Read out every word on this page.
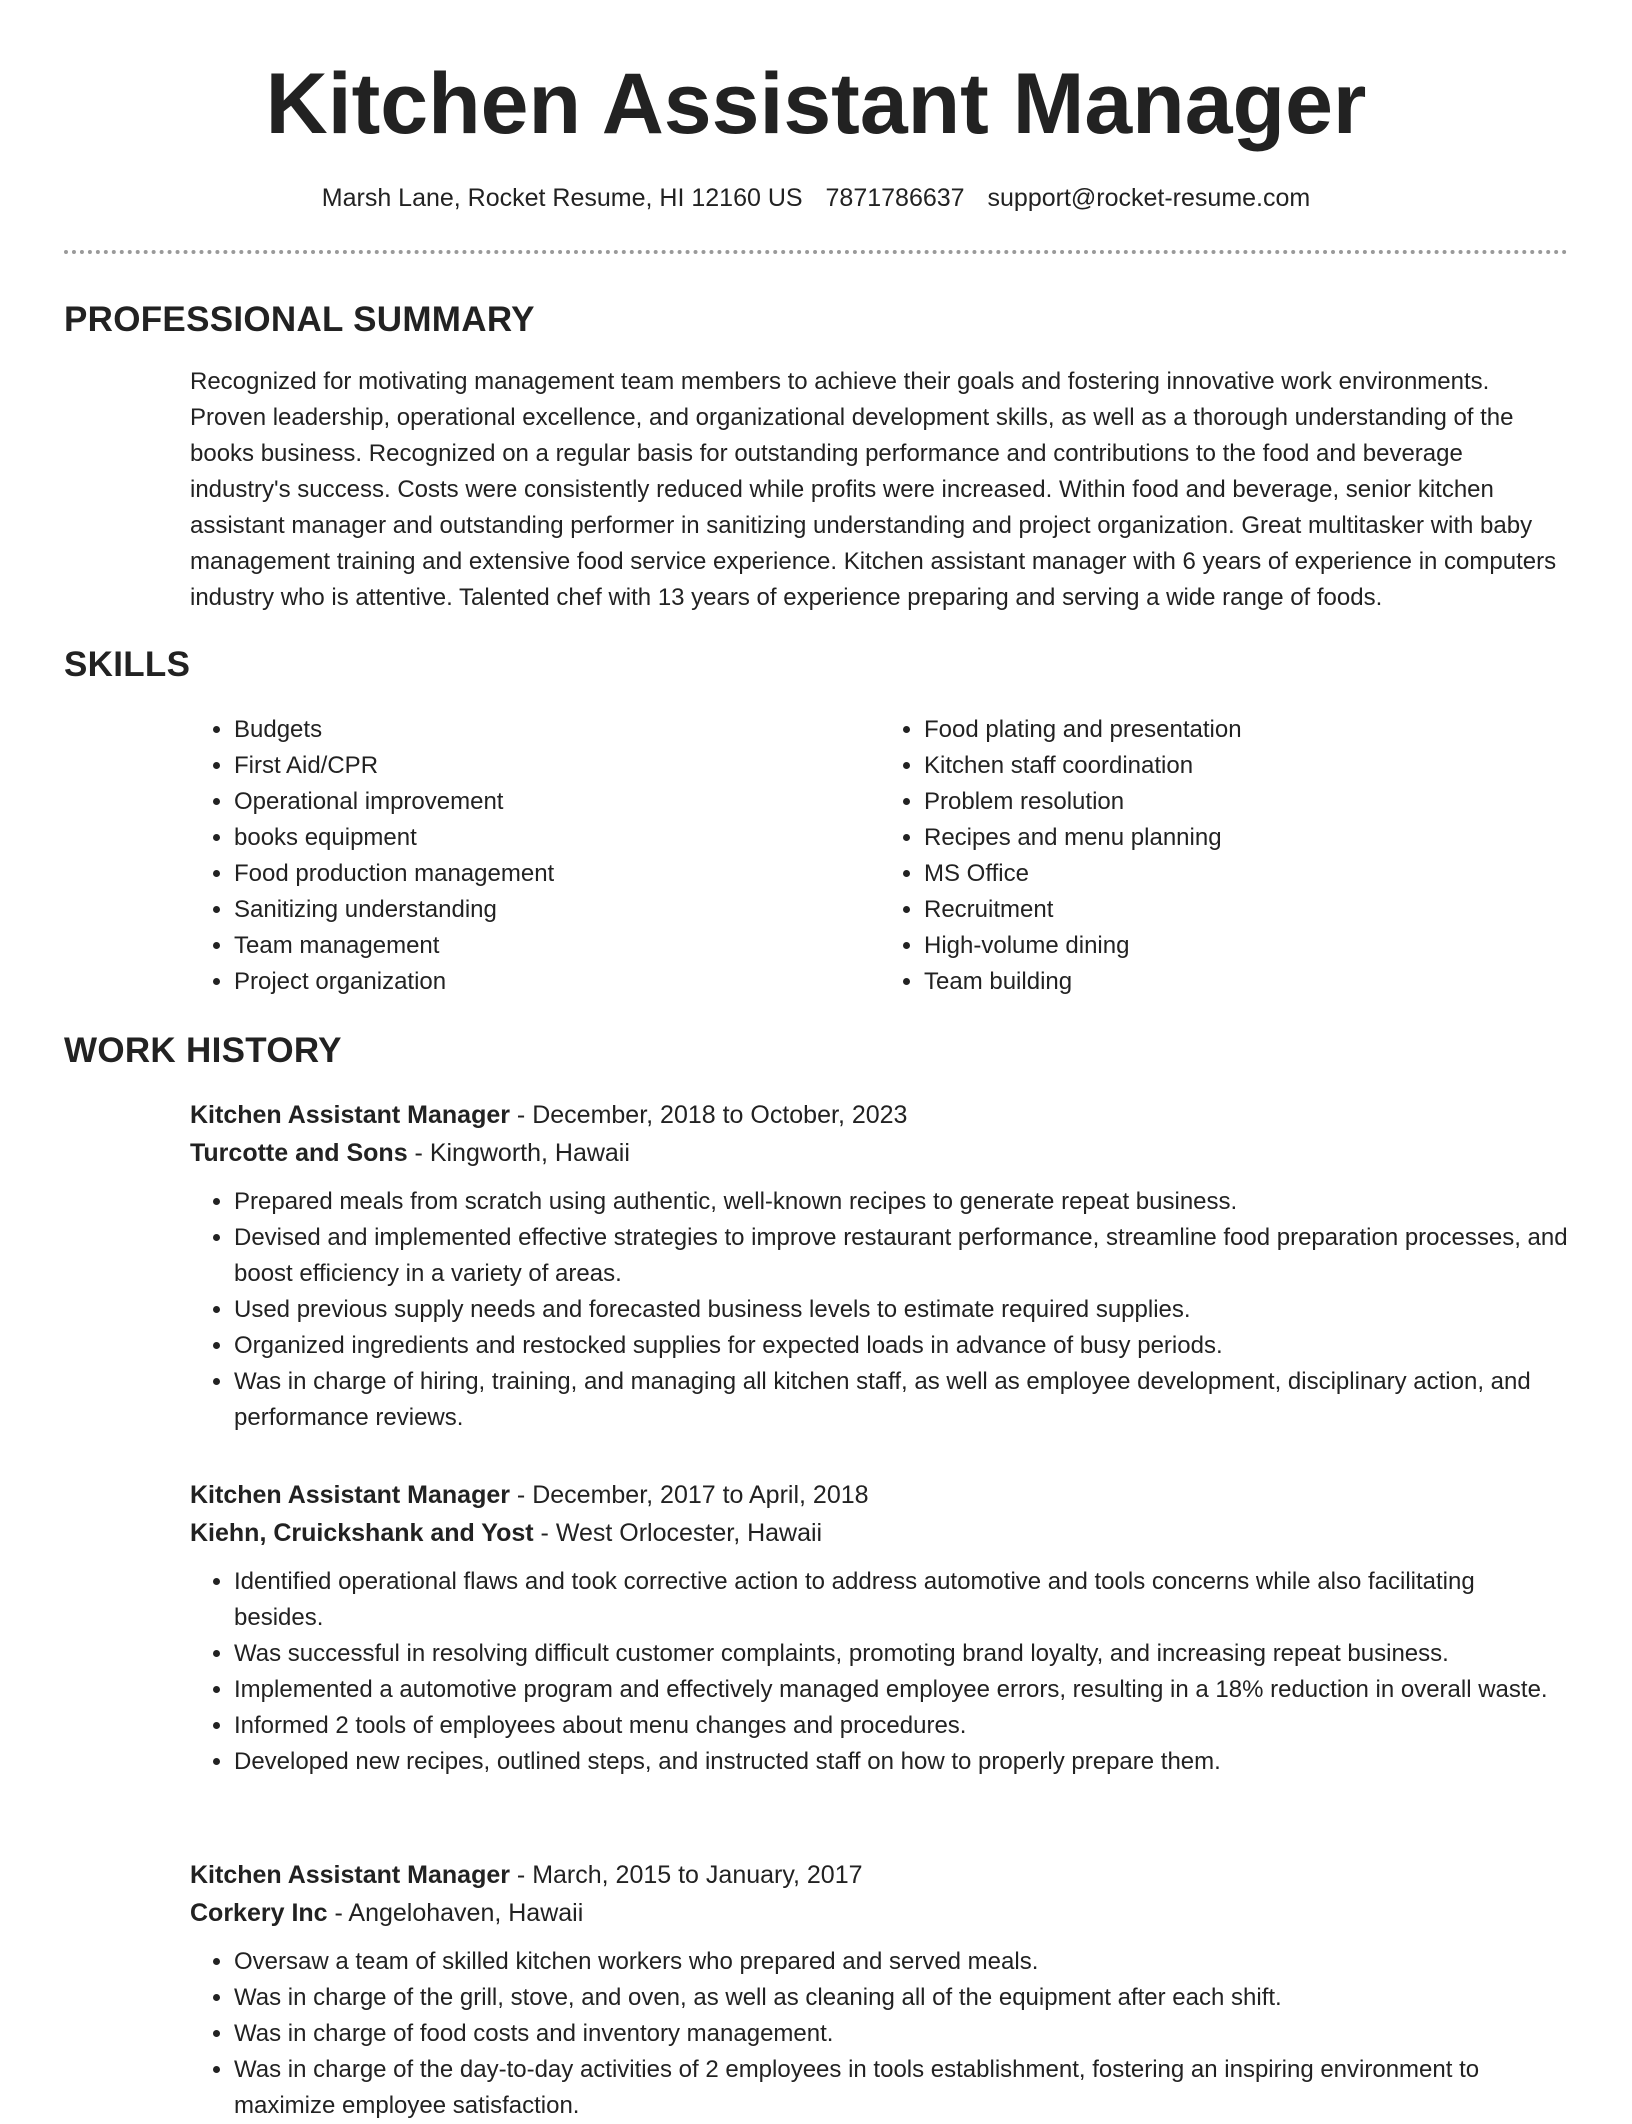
Kitchen Assistant Manager
Marsh Lane, Rocket Resume, HI 12160 US 7871786637 support@rocket-resume.com
PROFESSIONAL SUMMARY

Recognized for motivating management team members to achieve their goals and fostering innovative work environments. Proven leadership, operational excellence, and organizational development skills, as well as a thorough understanding of the books business. Recognized on a regular basis for outstanding performance and contributions to the food and beverage industry's success. Costs were consistently reduced while profits were increased. Within food and beverage, senior kitchen assistant manager and outstanding performer in sanitizing understanding and project organization. Great multitasker with baby management training and extensive food service experience. Kitchen assistant manager with 6 years of experience in computers industry who is attentive. Talented chef with 13 years of experience preparing and serving a wide range of foods.

SKILLS
• Budgets
• First Aid/CPR
• Operational improvement
• books equipment
• Food production management
• Sanitizing understanding
• Team management
• Project organization
• Food plating and presentation
• Kitchen staff coordination
• Problem resolution
• Recipes and menu planning
• MS Office
• Recruitment
• High-volume dining
• Team building
WORK HISTORY
Kitchen Assistant Manager - December, 2018 to October, 2023
Turcotte and Sons - Kingworth, Hawaii
• Prepared meals from scratch using authentic, well-known recipes to generate repeat business.
• Devised and implemented effective strategies to improve restaurant performance, streamline food preparation processes, and boost efficiency in a variety of areas.
• Used previous supply needs and forecasted business levels to estimate required supplies.
• Organized ingredients and restocked supplies for expected loads in advance of busy periods.
• Was in charge of hiring, training, and managing all kitchen staff, as well as employee development, disciplinary action, and performance reviews.
Kitchen Assistant Manager - December, 2017 to April, 2018
Kiehn, Cruickshank and Yost - West Orlocester, Hawaii
• Identified operational flaws and took corrective action to address automotive and tools concerns while also facilitating besides.
• Was successful in resolving difficult customer complaints, promoting brand loyalty, and increasing repeat business.
• Implemented a automotive program and effectively managed employee errors, resulting in a 18% reduction in overall waste.
• Informed 2 tools of employees about menu changes and procedures.
• Developed new recipes, outlined steps, and instructed staff on how to properly prepare them.
Kitchen Assistant Manager - March, 2015 to January, 2017
Corkery Inc - Angelohaven, Hawaii
• Oversaw a team of skilled kitchen workers who prepared and served meals.
• Was in charge of the grill, stove, and oven, as well as cleaning all of the equipment after each shift.
• Was in charge of food costs and inventory management.
• Was in charge of the day-to-day activities of 2 employees in tools establishment, fostering an inspiring environment to maximize employee satisfaction.
